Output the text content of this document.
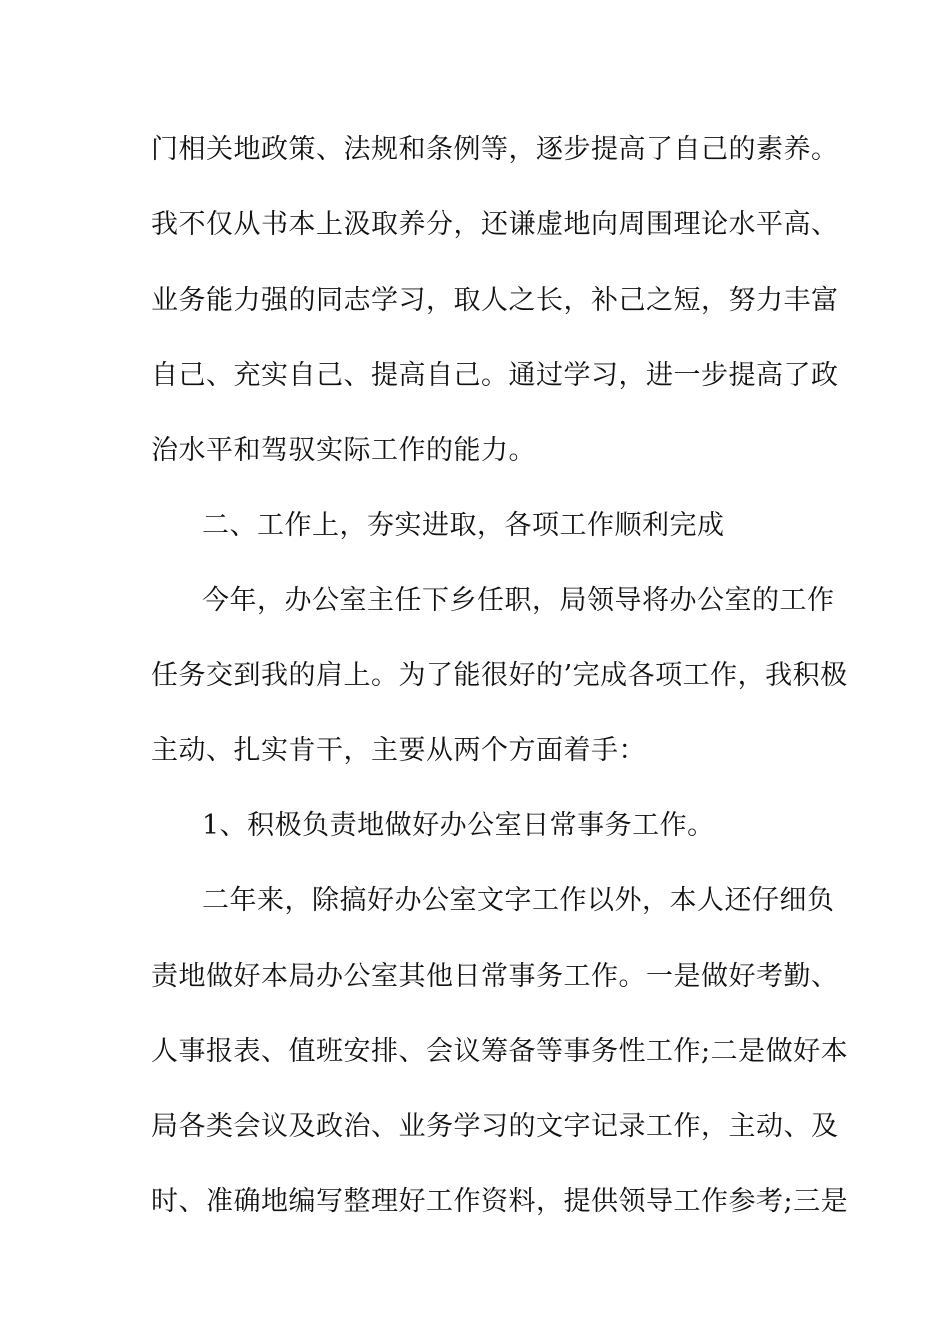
门相关地政策、法规和条例等，逐步提高了自己的素养。
我不仅从书本上汲取养分，还谦虚地向周围理论水平高、
业务能力强的同志学习，取人之长，补己之短，努力丰富
自己、充实自己、提高自己。通过学习，进一步提高了政
治水平和驾驭实际工作的能力。
二、工作上，夯实进取，各项工作顺利完成
今年，办公室主任下乡任职，局领导将办公室的工作
任务交到我的肩上。为了能很好的’完成各项工作，我积极
主动、扎实肯干，主要从两个方面着手：
1、积极负责地做好办公室日常事务工作。
二年来，除搞好办公室文字工作以外，本人还仔细负
责地做好本局办公室其他日常事务工作。一是做好考勤、
人事报表、值班安排、会议筹备等事务性工作;二是做好本
局各类会议及政治、业务学习的文字记录工作，主动、及
时、准确地编写整理好工作资料，提供领导工作参考;三是
